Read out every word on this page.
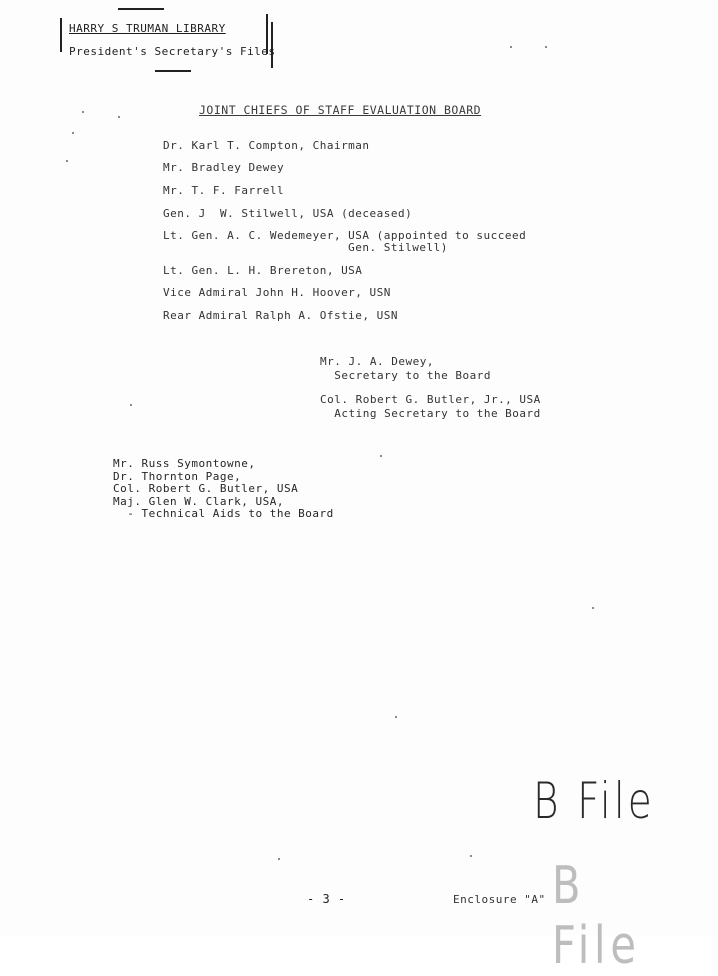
HARRY S TRUMAN LIBRARY
President's Secretary's Files
JOINT CHIEFS OF STAFF EVALUATION BOARD
Dr. Karl T. Compton, Chairman
Mr. Bradley Dewey
Mr. T. F. Farrell
Gen. J  W. Stilwell, USA (deceased)
Lt. Gen. A. C. Wedemeyer, USA (appointed to succeed
Gen. Stilwell)
Lt. Gen. L. H. Brereton, USA
Vice Admiral John H. Hoover, USN
Rear Admiral Ralph A. Ofstie, USN
Mr. J. A. Dewey,
Secretary to the Board
Col. Robert G. Butler, Jr., USA
Acting Secretary to the Board
Mr. Russ Symontowne,
Dr. Thornton Page,
Col. Robert G. Butler, USA
Maj. Glen W. Clark, USA,
- Technical Aids to the Board
B File
B File
- 3 -	Enclosure "A"
